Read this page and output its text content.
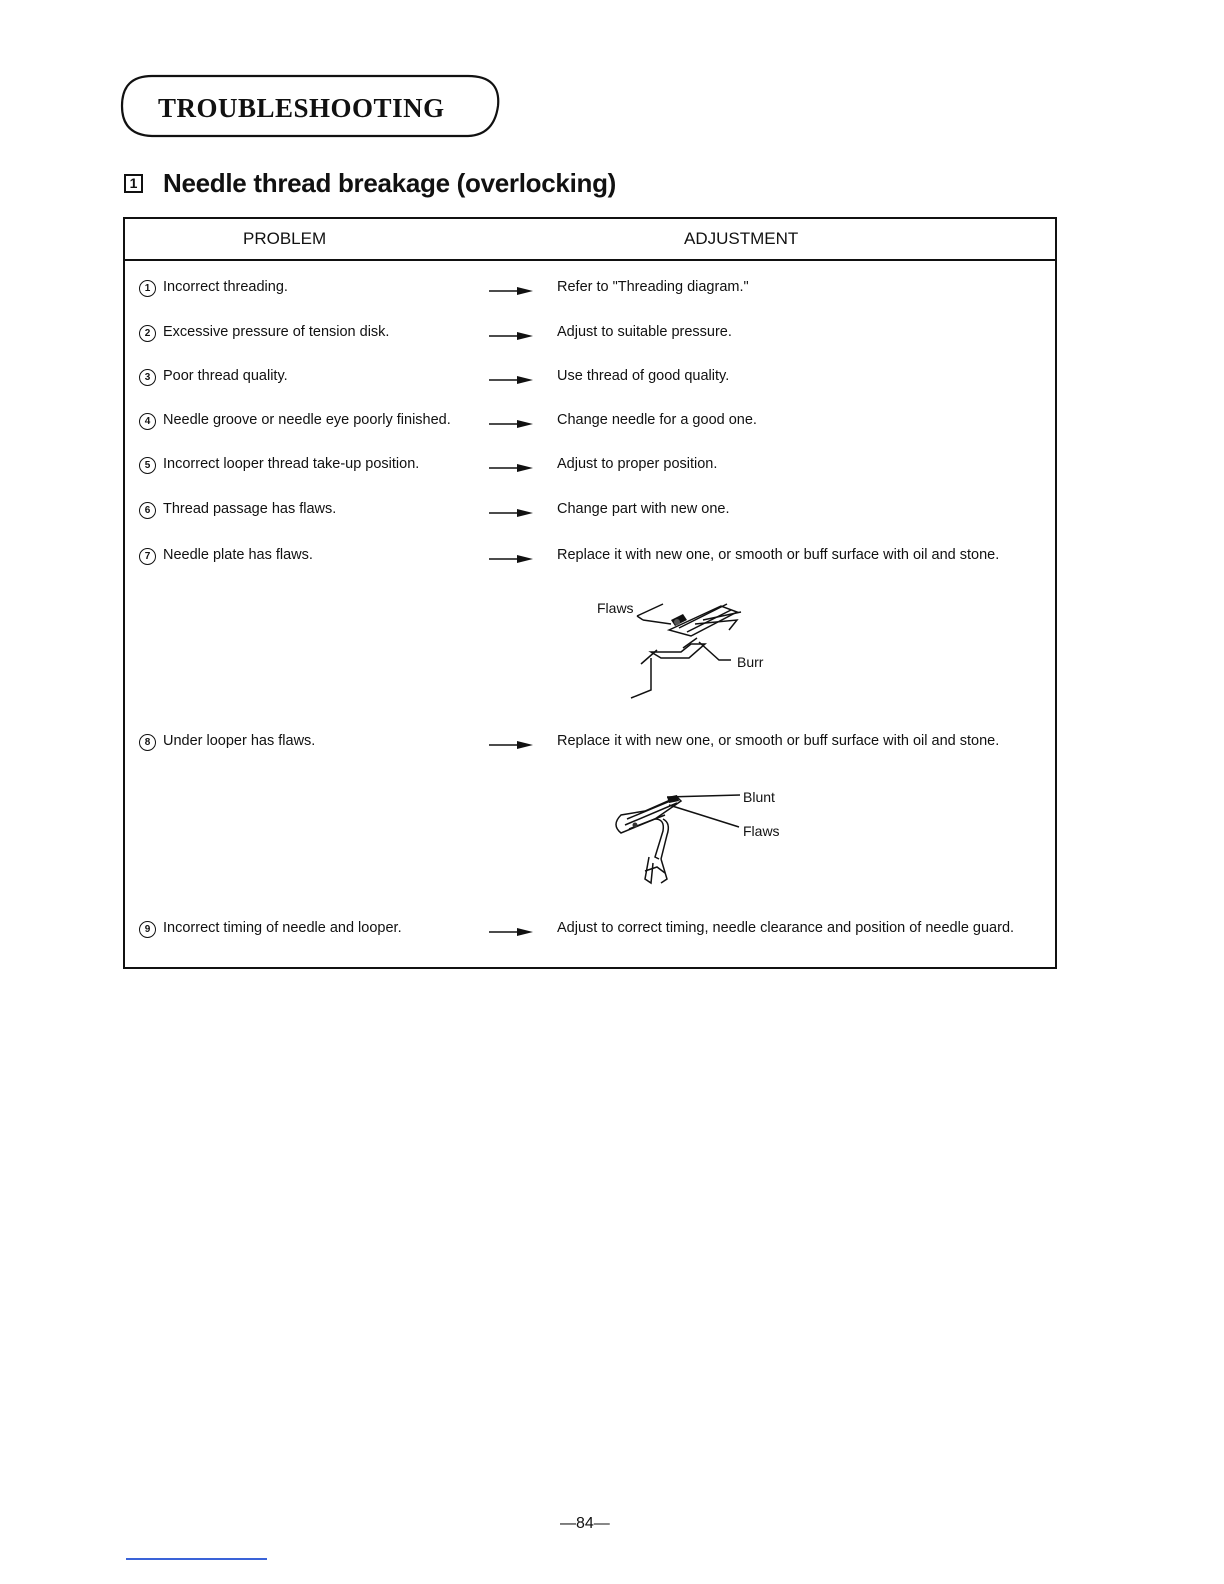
TROUBLESHOOTING
1 Needle thread breakage (overlocking)
PROBLEM	ADJUSTMENT
1 Incorrect threading.	Refer to "Threading diagram."
2 Excessive pressure of tension disk.	Adjust to suitable pressure.
3 Poor thread quality.	Use thread of good quality.
4 Needle groove or needle eye poorly finished.	Change needle for a good one.
5 Incorrect looper thread take-up position.	Adjust to proper position.
6 Thread passage has flaws.	Change part with new one.
7 Needle plate has flaws.	Replace it with new one, or smooth or buff surface with oil and stone.
Flaws
Burr
8 Under looper has flaws.	Replace it with new one, or smooth or buff surface with oil and stone.
Blunt
Flaws
9 Incorrect timing of needle and looper.	Adjust to correct timing, needle clearance and position of needle guard.
—84—
